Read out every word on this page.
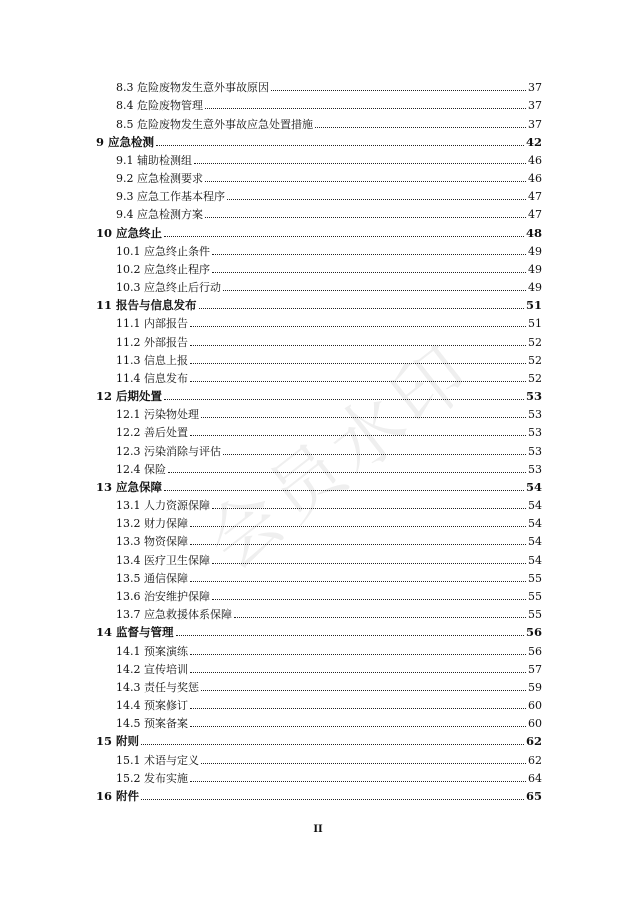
8.3 危险废物发生意外事故原因	37
8.4 危险废物管理	37
8.5 危险废物发生意外事故应急处置措施	37
9 应急检测	42
9.1 辅助检测组	46
9.2 应急检测要求	46
9.3 应急工作基本程序	47
9.4 应急检测方案	47
10 应急终止	48
10.1 应急终止条件	49
10.2 应急终止程序	49
10.3 应急终止后行动	49
11 报告与信息发布	51
11.1 内部报告	51
11.2 外部报告	52
11.3 信息上报	52
11.4 信息发布	52
12 后期处置	53
12.1 污染物处理	53
12.2 善后处置	53
12.3 污染消除与评估	53
12.4 保险	53
13 应急保障	54
13.1 人力资源保障	54
13.2 财力保障	54
13.3 物资保障	54
13.4 医疗卫生保障	54
13.5 通信保障	55
13.6 治安维护保障	55
13.7 应急救援体系保障	55
14 监督与管理	56
14.1 预案演练	56
14.2 宣传培训	57
14.3 责任与奖惩	59
14.4 预案修订	60
14.5 预案备案	60
15 附则	62
15.1 术语与定义	62
15.2 发布实施	64
16 附件	65
II
会员水印
